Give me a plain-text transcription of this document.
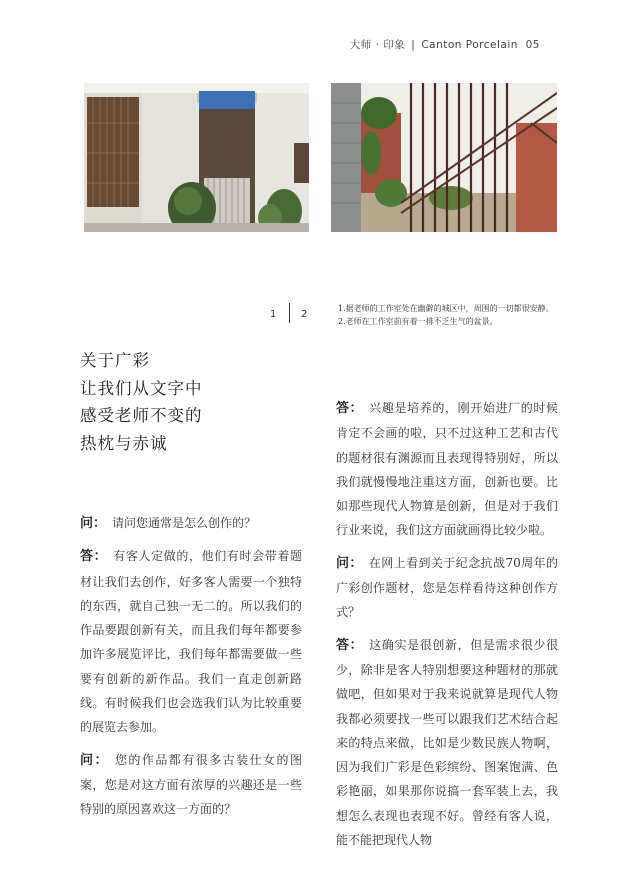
大师 · 印象 | Canton Porcelain 05
1 2
1.据老师的工作室处在幽僻的城区中，周围的一切都很安静。
2.老师在工作室前有着一排不乏生气的盆景。
关于广彩
让我们从文字中
感受老师不变的
热枕与赤诚

问： 请问您通常是怎么创作的？

答： 有客人定做的，他们有时会带着题材让我们去创作，好多客人需要一个独特的东西，就自己独一无二的。所以我们的作品要跟创新有关，而且我们每年都要参加许多展览评比，我们每年都需要做一些要有创新的新作品。我们一直走创新路线。有时候我们也会选我们认为比较重要的展览去参加。

问： 您的作品都有很多古装仕女的图案，您是对这方面有浓厚的兴趣还是一些特别的原因喜欢这一方面的？

答： 兴趣是培养的，刚开始进厂的时候肯定不会画的啦，只不过这种工艺和古代的题材很有渊源而且表现得特别好，所以我们就慢慢地注重这方面，创新也要。比如那些现代人物算是创新，但是对于我们行业来说，我们这方面就画得比较少啦。

问： 在网上看到关于纪念抗战70周年的广彩创作题材，您是怎样看待这种创作方式？

答： 这确实是很创新，但是需求很少很少，除非是客人特别想要这种题材的那就做吧，但如果对于我来说就算是现代人物我都必须要找一些可以跟我们艺术结合起来的特点来做，比如是少数民族人物啊，因为我们广彩是色彩缤纷、图案饱满、色彩艳丽，如果那你说搞一套军装上去，我想怎么表现也表现不好。曾经有客人说，能不能把现代人物
